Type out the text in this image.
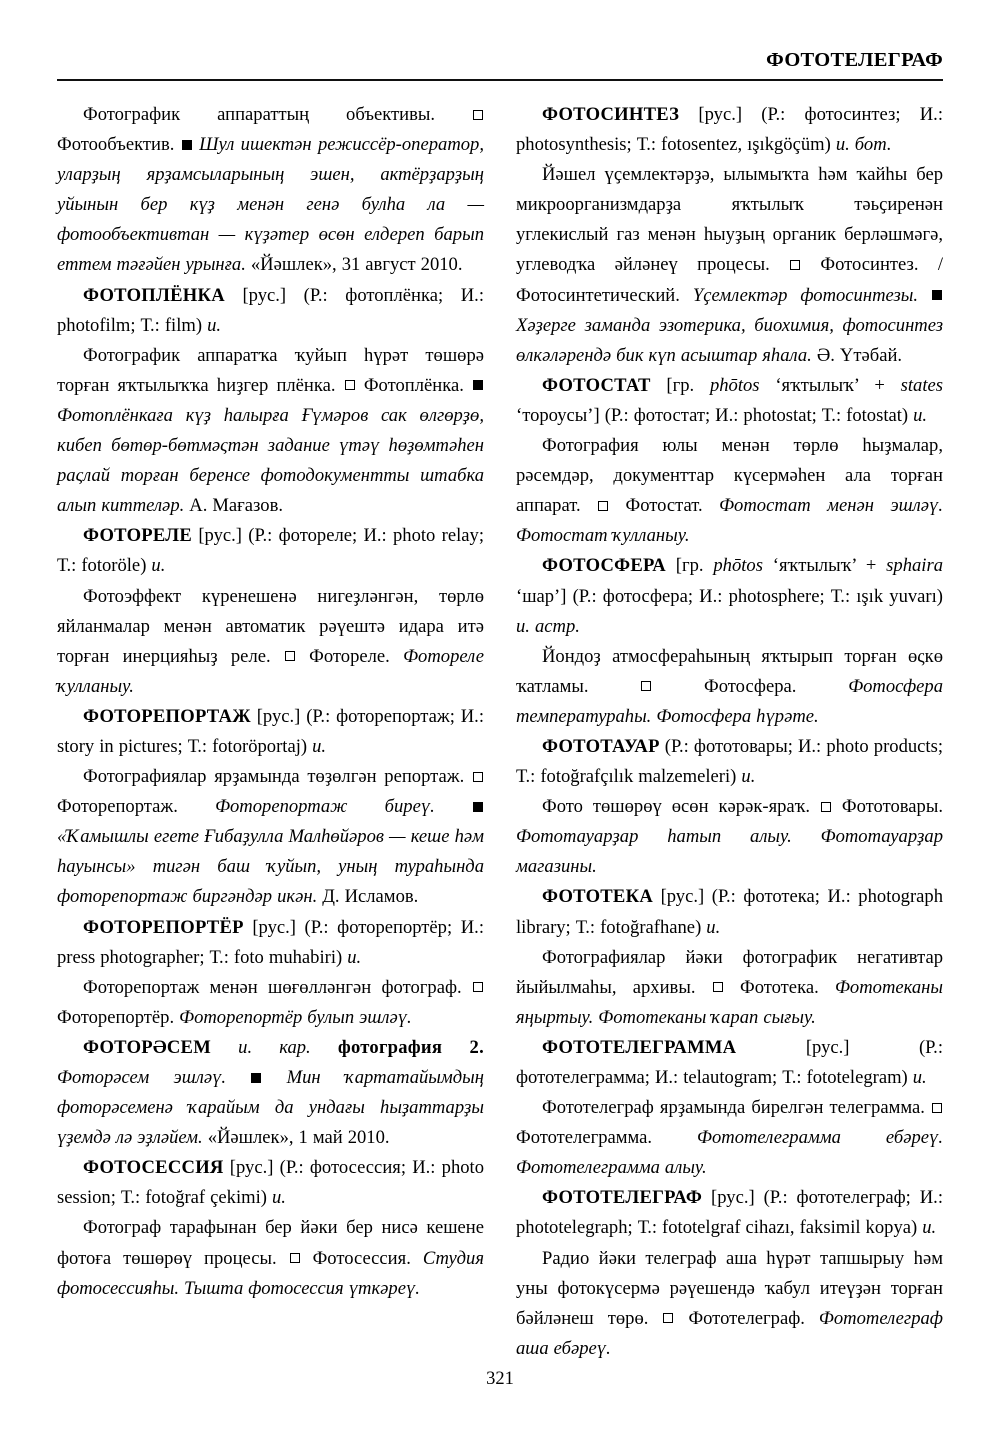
ФОТОТЕЛЕГРАФ

Фотографик аппараттың объективы.  Фотообъектив.  Шул ишектән режиссёр-оператор, уларҙың ярҙамсыларының эшен, актёрҙарҙың уйынын бер күҙ менән генә булһа ла — фотообъективтан — күҙәтер өсөн елдереп барып еттем тәғәйен урынға. «Йәшлек», 31 август 2010.

ФОТОПЛЁНКА [рус.] (Р.: фотоплёнка; И.: photofilm; Т.: film) и.

Фотографик аппаратҡа ҡуйып һүрәт төшөрә торған яҡтылыҡҡа һиҙгер плёнка.  Фотоплёнка.  Фотоплёнкаға күҙ һалырға Ғүмәров сак өлгөрҙө, кибеп бөтөр-бөтмәςтән задание үтәү һөҙөмтәһен раςлай торған беренсе фотодокументты штабка алып киттеләр. А. Мағазов.

ФОТОРЕЛЕ [рус.] (Р.: фотореле; И.: photo relay; Т.: fotoröle) и.

Фотоэффект күренешенә нигеҙләнгән, төрлө яйланмалар менән автоматик рәүештә идара итә торған инерцияһыҙ реле.  Фотореле. Фотореле ҡулланыу.

ФОТОРЕПОРТАЖ [рус.] (Р.: фоторепортаж; И.: story in pictures; Т.: fotoröportaj) и.

Фотографиялар ярҙамында төҙөлгән репортаж.  Фоторепортаж. Фоторепортаж биреү.  «Ҡамышлы егете Ғибаҙулла Малһөйәров — кеше һәм һауынсы» тигән баш ҡуйып, уның тураһында фоторепортаж биргәндәр икән. Д. Исламов.

ФОТОРЕПОРТЁР [рус.] (Р.: фоторепортёр; И.: press photographer; Т.: foto muhabiri) и.

Фоторепортаж менән шөғөлләнгән фотограф.  Фоторепортёр. Фоторепортёр булып эшләү.

ФОТОРӘСЕМ и. кар. фотография 2. Фоторәсем эшләү.  Мин ҡартатайымдың фоторәсеменә ҡарайым да ундағы һыҙаттарҙы үҙемдә лә эҙләйем. «Йәшлек», 1 май 2010.

ФОТОСЕССИЯ [рус.] (Р.: фотосессия; И.: photo session; Т.: fotoğraf çekimi) и.

Фотограф тарафынан бер йәки бер нисә кешене фотоға төшөрөү процесы.  Фотосессия. Студия фотосессияһы. Тышта фотосессия үткәреү.

ФОТОСИНТЕЗ [рус.] (Р.: фотосинтез; И.: photosynthesis; Т.: fotosentez, ışıkgöçüm) и. бот.

Йәшел үҫемлектәрҙә, ылымыҡта һәм ҡайһы бер микроорганизмдарҙа яҡтылыҡ тәьҫиренән углекислый газ менән һыуҙың органик берләшмәгә, углеводҡа әйләнеү процесы.  Фотосинтез. / Фотосинтетический. Үҫемлектәр фотосинтезы.  Хәҙерге заманда эзотерика, биохимия, фотосинтез өлкәләрендә бик күп асыштар яһала. Ә. Үтәбай.

ФОТОСТАТ [гр. phōtos ‘яҡтылыҡ’ + states ‘тороусы’] (Р.: фотостат; И.: photostat; Т.: fotostat) и.

Фотография юлы менән төрлө һыҙмалар, рәсемдәр, документтар күсермәһен ала торған аппарат.  Фотостат. Фотостат менән эшләү. Фотостат ҡулланыу.

ФОТОСФЕРА [гр. phōtos ‘яҡтылыҡ’ + sphaira ‘шар’] (Р.: фотосфера; И.: photosphere; Т.: ışık yuvarı) и. астр.

Йондоҙ атмосфераһының яҡтырып торған өςкө ҡатламы.  Фотосфера. Фотосфера температураһы. Фотосфера һүрәте.

ФОТОТАУАР (Р.: фототовары; И.: photo products; Т.: fotoğrafçılık malzemeleri) и.

Фото төшөрөү өсөн кәрәк-яраҡ.  Фототовары. Фототауарҙар һатып алыу. Фототауарҙар магазины.

ФОТОТЕКА [рус.] (Р.: фототека; И.: photograph library; Т.: fotoğrafhane) и.

Фотографиялар йәки фотографик негативтар йыйылмаһы, архивы.  Фототека. Фототеканы яңыртыу. Фототеканы ҡарап сығыу.

ФОТОТЕЛЕГРАММА [рус.] (Р.: фототелеграмма; И.: telautogram; Т.: fototelegram) и.

Фототелеграф ярҙамында бирелгән телеграмма.  Фототелеграмма. Фототелеграмма ебәреү. Фототелеграмма алыу.

ФОТОТЕЛЕГРАФ [рус.] (Р.: фототелеграф; И.: phototelegraph; Т.: fototelgraf cihazı, faksimil kopya) и.

Радио йәки телеграф аша һүрәт тапшырыу һәм уны фотокүсермә рәүешендә ҡабул итеүҙән торған бәйләнеш төрө.  Фототелеграф. Фототелеграф аша ебәреү.

321
